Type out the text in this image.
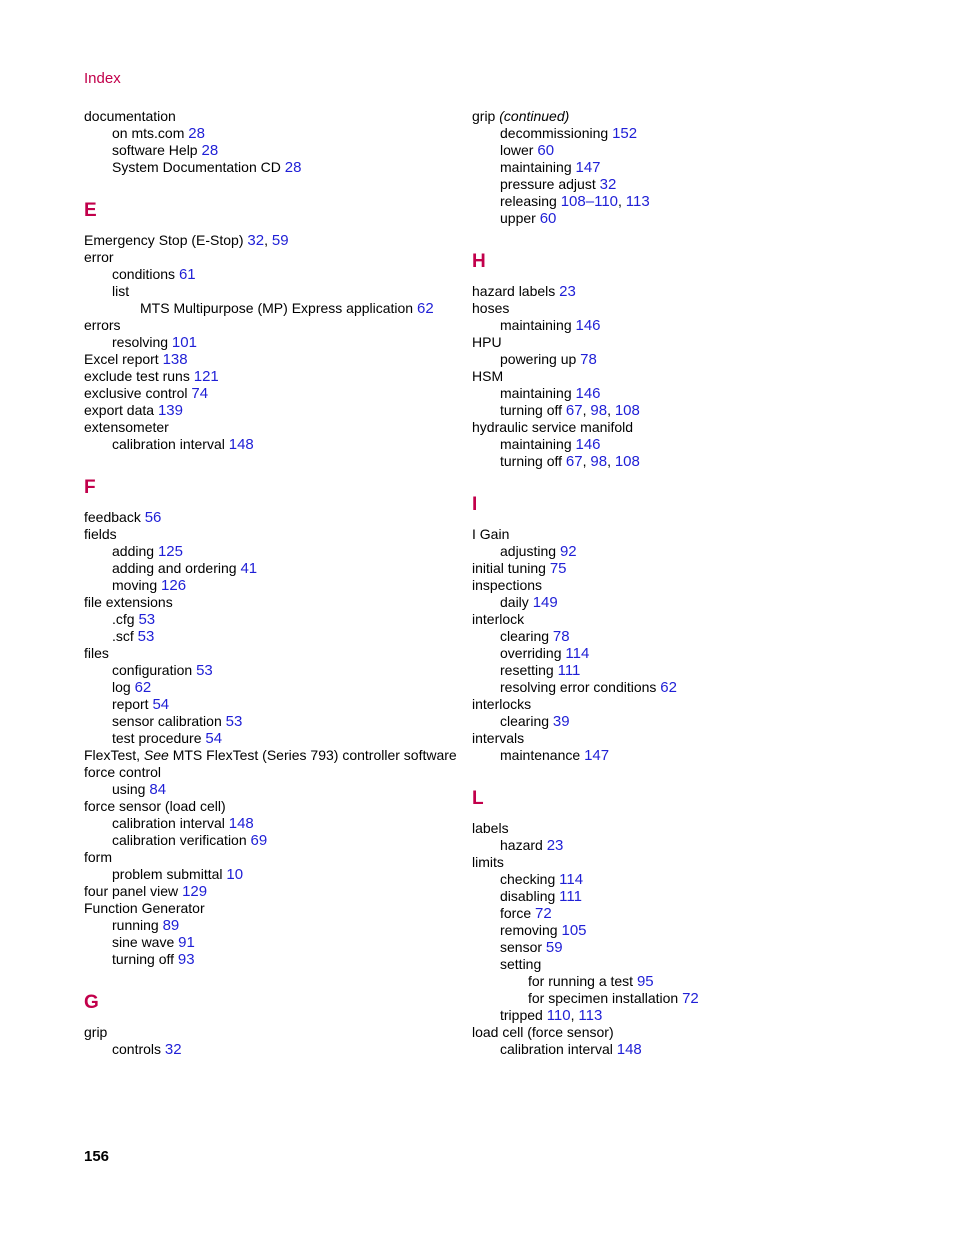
Index
documentation
on mts.com 28
software Help 28
System Documentation CD 28
E
Emergency Stop (E-Stop) 32, 59
error
conditions 61
list
MTS Multipurpose (MP) Express application 62
errors
resolving 101
Excel report 138
exclude test runs 121
exclusive control 74
export data 139
extensometer
calibration interval 148
F
feedback 56
fields
adding 125
adding and ordering 41
moving 126
file extensions
.cfg 53
.scf 53
files
configuration 53
log 62
report 54
sensor calibration 53
test procedure 54
FlexTest, See MTS FlexTest (Series 793) controller software
force control
using 84
force sensor (load cell)
calibration interval 148
calibration verification 69
form
problem submittal 10
four panel view 129
Function Generator
running 89
sine wave 91
turning off 93
G
grip
controls 32
grip (continued)
decommissioning 152
lower 60
maintaining 147
pressure adjust 32
releasing 108–110, 113
upper 60
H
hazard labels 23
hoses
maintaining 146
HPU
powering up 78
HSM
maintaining 146
turning off 67, 98, 108
hydraulic service manifold
maintaining 146
turning off 67, 98, 108
I
I Gain
adjusting 92
initial tuning 75
inspections
daily 149
interlock
clearing 78
overriding 114
resetting 111
resolving error conditions 62
interlocks
clearing 39
intervals
maintenance 147
L
labels
hazard 23
limits
checking 114
disabling 111
force 72
removing 105
sensor 59
setting
for running a test 95
for specimen installation 72
tripped 110, 113
load cell (force sensor)
calibration interval 148
156
